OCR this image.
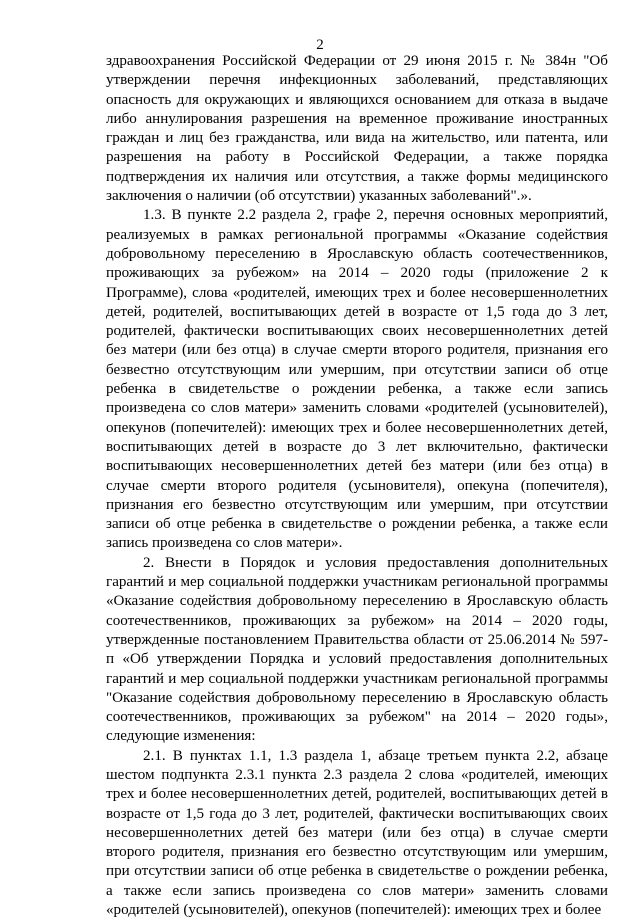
2

здравоохранения Российской Федерации от 29 июня 2015 г. № 384н "Об утверждении перечня инфекционных заболеваний, представляющих опасность для окружающих и являющихся основанием для отказа в выдаче либо аннулирования разрешения на временное проживание иностранных граждан и лиц без гражданства, или вида на жительство, или патента, или разрешения на работу в Российской Федерации, а также порядка подтверждения их наличия или отсутствия, а также формы медицинского заключения о наличии (об отсутствии) указанных заболеваний".».

1.3. В пункте 2.2 раздела 2, графе 2, перечня основных мероприятий, реализуемых в рамках региональной программы «Оказание содействия добровольному переселению в Ярославскую область соотечественников, проживающих за рубежом» на 2014 – 2020 годы (приложение 2 к Программе), слова «родителей, имеющих трех и более несовершеннолетних детей, родителей, воспитывающих детей в возрасте от 1,5 года до 3 лет, родителей, фактически воспитывающих своих несовершеннолетних детей без матери (или без отца) в случае смерти второго родителя, признания его безвестно отсутствующим или умершим, при отсутствии записи об отце ребенка в свидетельстве о рождении ребенка, а также если запись произведена со слов матери» заменить словами «родителей (усыновителей), опекунов (попечителей): имеющих трех и более несовершеннолетних детей, воспитывающих детей в возрасте до 3 лет включительно, фактически воспитывающих несовершеннолетних детей без матери (или без отца) в случае смерти второго родителя (усыновителя), опекуна (попечителя), признания его безвестно отсутствующим или умершим, при отсутствии записи об отце ребенка в свидетельстве о рождении ребенка, а также если запись произведена со слов матери».

2. Внести в Порядок и условия предоставления дополнительных гарантий и мер социальной поддержки участникам региональной программы «Оказание содействия добровольному переселению в Ярославскую область соотечественников, проживающих за рубежом» на 2014 – 2020 годы, утвержденные постановлением Правительства области от 25.06.2014 № 597-п «Об утверждении Порядка и условий предоставления дополнительных гарантий и мер социальной поддержки участникам региональной программы "Оказание содействия добровольному переселению в Ярославскую область соотечественников, проживающих за рубежом" на 2014 – 2020 годы», следующие изменения:

2.1. В пунктах 1.1, 1.3 раздела 1, абзаце третьем пункта 2.2, абзаце шестом подпункта 2.3.1 пункта 2.3 раздела 2 слова «родителей, имеющих трех и более несовершеннолетних детей, родителей, воспитывающих детей в возрасте от 1,5 года до 3 лет, родителей, фактически воспитывающих своих несовершеннолетних детей без матери (или без отца) в случае смерти второго родителя, признания его безвестно отсутствующим или умершим, при отсутствии записи об отце ребенка в свидетельстве о рождении ребенка, а также если запись произведена со слов матери» заменить словами «родителей (усыновителей), опекунов (попечителей): имеющих трех и более
